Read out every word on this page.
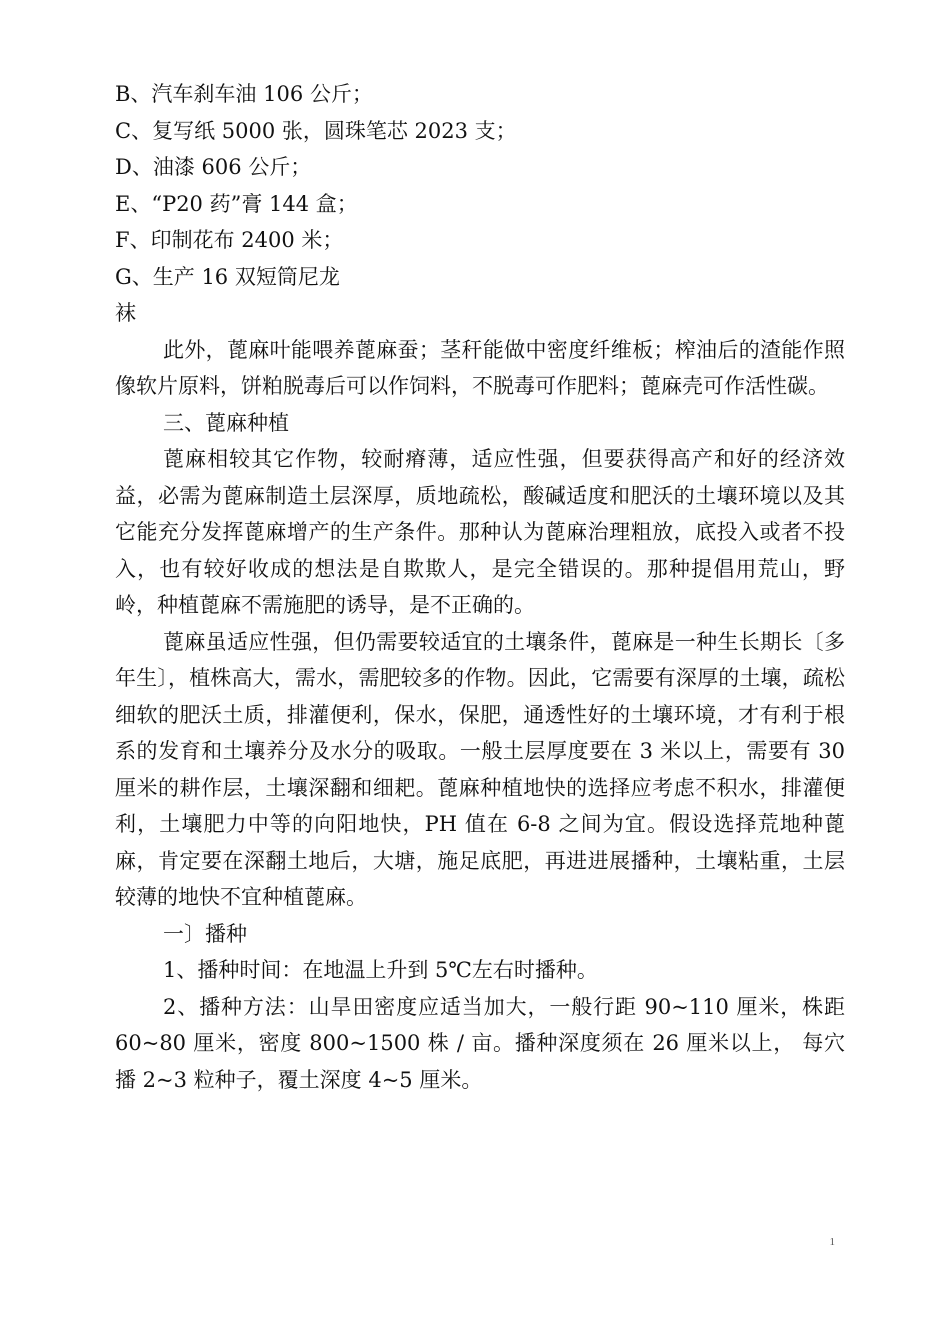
B、汽车刹车油 106 公斤；

C、复写纸 5000 张，圆珠笔芯 2023 支；

D、油漆 606 公斤；

E、“P20 药”膏 144 盒；

F、印制花布 2400 米；

G、生产 16 双短筒尼龙

袜

此外，蓖麻叶能喂养蓖麻蚕；茎秆能做中密度纤维板；榨油后的渣能作照像软片原料，饼粕脱毒后可以作饲料，不脱毒可作肥料；蓖麻壳可作活性碳。

三、蓖麻种植

蓖麻相较其它作物，较耐瘠薄，适应性强，但要获得高产和好的经济效益，必需为蓖麻制造土层深厚，质地疏松，酸碱适度和肥沃的土壤环境以及其它能充分发挥蓖麻增产的生产条件。那种认为蓖麻治理粗放，底投入或者不投入，也有较好收成的想法是自欺欺人，是完全错误的。那种提倡用荒山，野岭，种植蓖麻不需施肥的诱导，是不正确的。

蓖麻虽适应性强，但仍需要较适宜的土壤条件，蓖麻是一种生长期长〔多年生〕，植株高大，需水，需肥较多的作物。因此，它需要有深厚的土壤，疏松细软的肥沃土质，排灌便利，保水，保肥，通透性好的土壤环境，才有利于根系的发育和土壤养分及水分的吸取。一般土层厚度要在 3 米以上，需要有 30 厘米的耕作层，土壤深翻和细耙。蓖麻种植地快的选择应考虑不积水，排灌便利，土壤肥力中等的向阳地快，PH 值在 6-8 之间为宜。假设选择荒地种蓖麻，肯定要在深翻土地后，大塘，施足底肥，再进进展播种，土壤粘重，土层较薄的地快不宜种植蓖麻。

一〕播种

1、播种时间：在地温上升到 5℃左右时播种。

2、播种方法：山旱田密度应适当加大，一般行距 90~110 厘米，株距 60~80 厘米，密度 800~1500 株 / 亩。播种深度须在 26 厘米以上， 每穴播 2~3 粒种子，覆土深度 4~5 厘米。

1
